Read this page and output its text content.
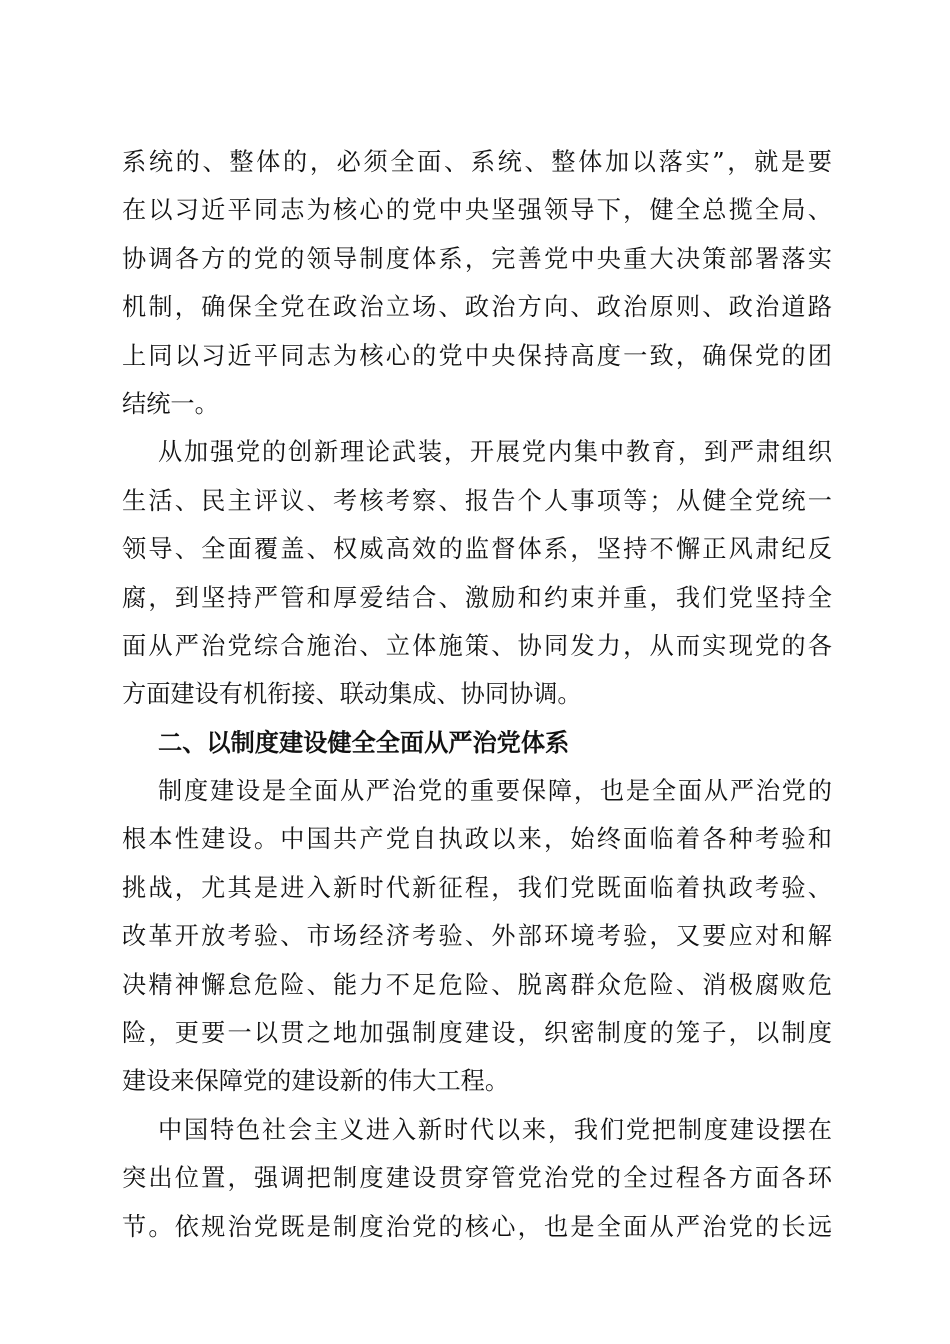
系统的、整体的，必须全面、系统、整体加以落实”，就是要
在以习近平同志为核心的党中央坚强领导下，健全总揽全局、
协调各方的党的领导制度体系，完善党中央重大决策部署落实
机制，确保全党在政治立场、政治方向、政治原则、政治道路
上同以习近平同志为核心的党中央保持高度一致，确保党的团
结统一。
从加强党的创新理论武装，开展党内集中教育，到严肃组织
生活、民主评议、考核考察、报告个人事项等；从健全党统一
领导、全面覆盖、权威高效的监督体系，坚持不懈正风肃纪反
腐，到坚持严管和厚爱结合、激励和约束并重，我们党坚持全
面从严治党综合施治、立体施策、协同发力，从而实现党的各
方面建设有机衔接、联动集成、协同协调。
二、以制度建设健全全面从严治党体系
制度建设是全面从严治党的重要保障，也是全面从严治党的
根本性建设。中国共产党自执政以来，始终面临着各种考验和
挑战，尤其是进入新时代新征程，我们党既面临着执政考验、
改革开放考验、市场经济考验、外部环境考验，又要应对和解
决精神懈怠危险、能力不足危险、脱离群众危险、消极腐败危
险，更要一以贯之地加强制度建设，织密制度的笼子，以制度
建设来保障党的建设新的伟大工程。
中国特色社会主义进入新时代以来，我们党把制度建设摆在
突出位置，强调把制度建设贯穿管党治党的全过程各方面各环
节。依规治党既是制度治党的核心，也是全面从严治党的长远
